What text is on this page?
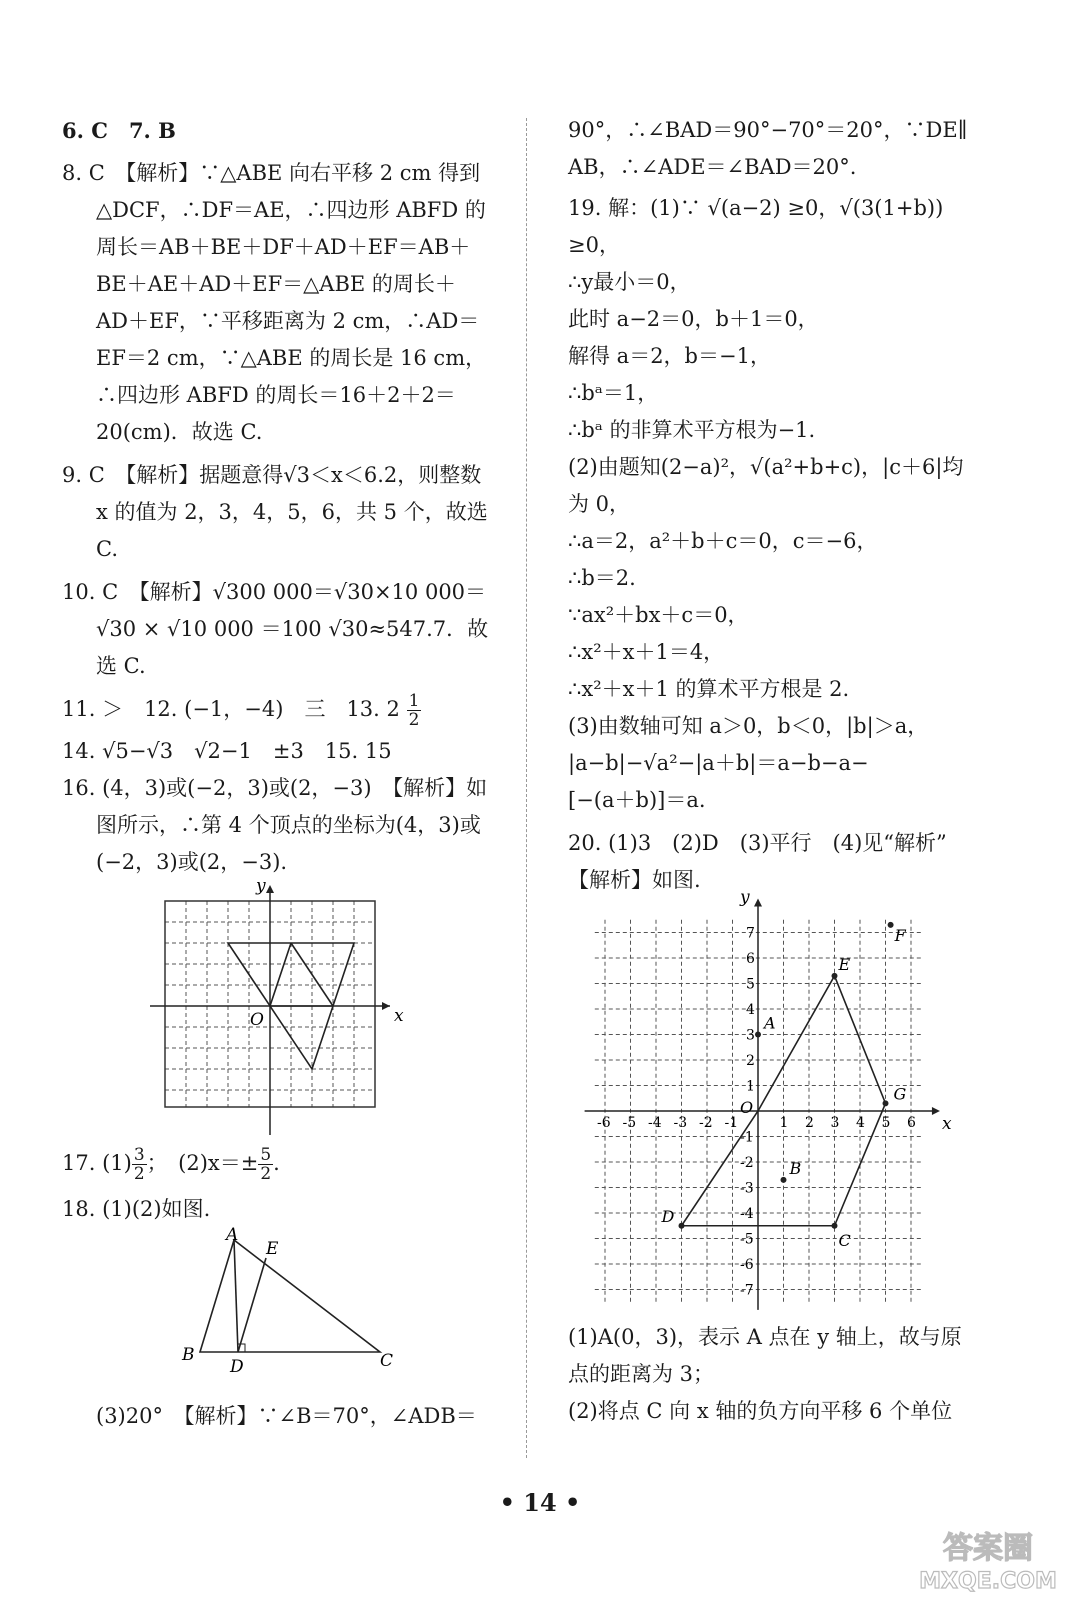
6. C　7. B

8. C　【解析】∵△ABE 向右平移 2 cm 得到

△DCF，∴DF＝AE，∴四边形 ABFD 的

周长＝AB＋BE＋DF＋AD＋EF＝AB＋

BE＋AE＋AD＋EF＝△ABE 的周长＋

AD＋EF，∵平移距离为 2 cm，∴AD＝

EF＝2 cm，∵△ABE 的周长是 16 cm，

∴四边形 ABFD 的周长＝16＋2＋2＝

20(cm)．故选 C.

9. C　【解析】据题意得√3＜x＜6.2，则整数

x 的值为 2，3，4，5，6，共 5 个，故选 C.

10. C　【解析】√300 000＝√30×10 000＝

√30 × √10 000 ＝100 √30≈547.7．故

选 C.

11. ＞　12. (−1，−4)　三　13. $2 \frac{1}{2}$

14. √5−√3　√2−1　±3　15. 15

16. (4，3)或(−2，3)或(2，−3)　【解析】如

图所示，∴第 4 个顶点的坐标为(4，3)或

(−2，3)或(2，−3).

x
y
O

17. $(1) \frac{3}{2}$ ；　$(2)x=\pm \frac{5}{2}$ .

18. (1)(2)如图.

A
E
B
D	C

(3)20°　【解析】∵∠B＝70°，∠ADB＝

90°，∴∠BAD＝90°−70°＝20°，∵DE∥

AB，∴∠ADE＝∠BAD＝20°.

19. 解：(1)∵ √(a−2) ≥0，√(3(1+b)) ≥0，

∴y最小＝0，

此时 a−2＝0，b＋1＝0，

解得 a＝2，b＝−1，

∴bᵃ＝1，

∴bᵃ 的非算术平方根为−1.

(2)由题知(2−a)²，√(a²+b+c)，|c＋6|均

为 0，

∴a＝2，a²＋b＋c＝0，c＝−6，

∴b＝2.

∵ax²＋bx＋c＝0，

∴x²＋x＋1＝4，

∴x²＋x＋1 的算术平方根是 2.

(3)由数轴可知 a＞0，b＜0，|b|＞a，

|a−b|−√a²−|a＋b|＝a−b−a−

[−(a＋b)]＝a.

20. (1)3　(2)D　(3)平行　(4)见“解析”

【解析】如图.

x
y
O
-6 -5 -4 -3 -2 -1	1 2 3 4 5 6
7
6
5
4
3
2
1
-1
-2
-3
-4
-5
-6
-7
A
B
C
D
E
F
G

(1)A(0，3)，表示 A 点在 y 轴上，故与原

点的距离为 3；

(2)将点 C 向 x 轴的负方向平移 6 个单位

• 14 •
答案圈
MXQE.COM
